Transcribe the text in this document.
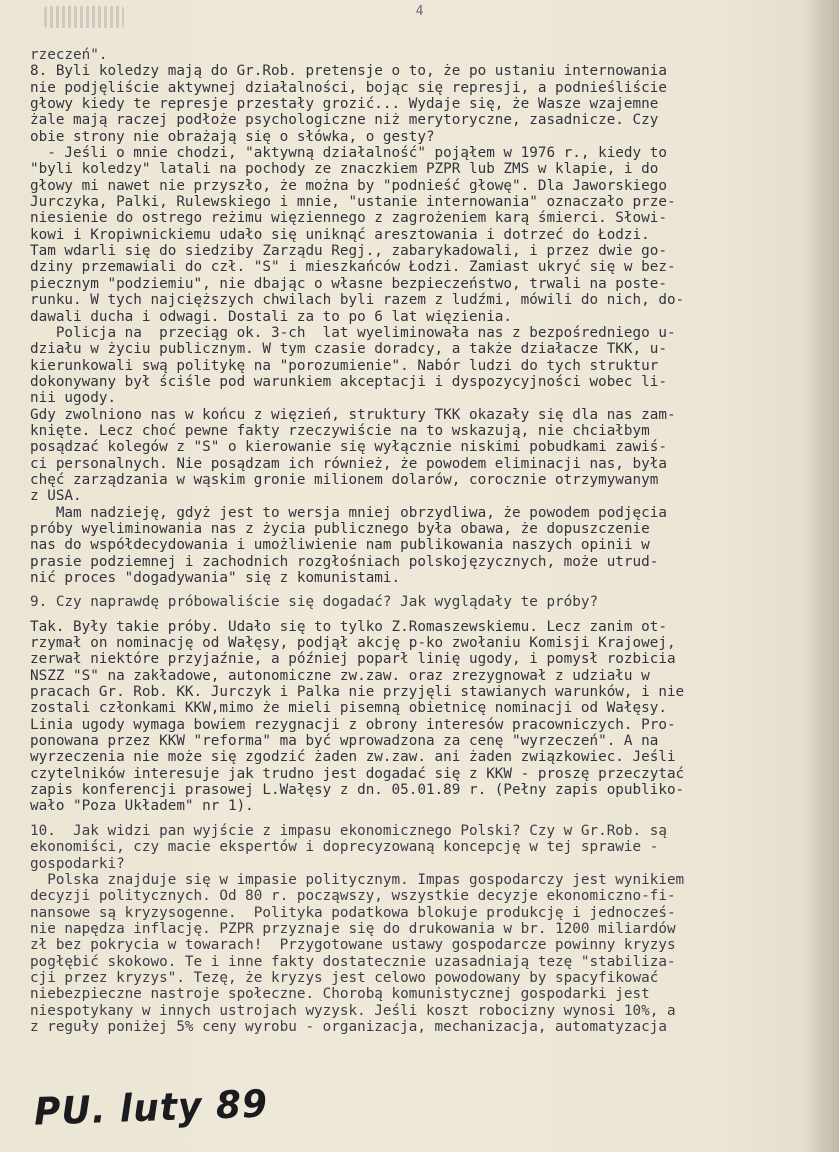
4
rzeczeń".
8. Byli koledzy mają do Gr.Rob. pretensje o to, że po ustaniu internowania
nie podjęliście aktywnej działalności, bojąc się represji, a podnieśliście
głowy kiedy te represje przestały grozić... Wydaje się, że Wasze wzajemne
żale mają raczej podłoże psychologiczne niż merytoryczne, zasadnicze. Czy
obie strony nie obrażają się o słówka, o gesty?
- Jeśli o mnie chodzi, "aktywną działalność" pojąłem w 1976 r., kiedy to
"byli koledzy" latali na pochody ze znaczkiem PZPR lub ZMS w klapie, i do
głowy mi nawet nie przyszło, że można by "podnieść głowę". Dla Jaworskiego
Jurczyka, Palki, Rulewskiego i mnie, "ustanie internowania" oznaczało prze-
niesienie do ostrego reżimu więziennego z zagrożeniem karą śmierci. Słowi-
kowi i Kropiwnickiemu udało się uniknąć aresztowania i dotrzeć do Łodzi.
Tam wdarli się do siedziby Zarządu Regj., zabarykadowali, i przez dwie go-
dziny przemawiali do czł. "S" i mieszkańców Łodzi. Zamiast ukryć się w bez-
piecznym "podziemiu", nie dbając o własne bezpieczeństwo, trwali na poste-
runku. W tych najcięższych chwilach byli razem z ludźmi, mówili do nich, do-
dawali ducha i odwagi. Dostali za to po 6 lat więzienia.
Policja na  przeciąg ok. 3-ch  lat wyeliminowała nas z bezpośredniego u-
działu w życiu publicznym. W tym czasie doradcy, a także działacze TKK, u-
kierunkowali swą politykę na "porozumienie". Nabór ludzi do tych struktur
dokonywany był ściśle pod warunkiem akceptacji i dyspozycyjności wobec li-
nii ugody.
Gdy zwolniono nas w końcu z więzień, struktury TKK okazały się dla nas zam-
knięte. Lecz choć pewne fakty rzeczywiście na to wskazują, nie chciałbym
posądzać kolegów z "S" o kierowanie się wyłącznie niskimi pobudkami zawiś-
ci personalnych. Nie posądzam ich również, że powodem eliminacji nas, była
chęć zarządzania w wąskim gronie milionem dolarów, corocznie otrzymywanym
z USA.
Mam nadzieję, gdyż jest to wersja mniej obrzydliwa, że powodem podjęcia
próby wyeliminowania nas z życia publicznego była obawa, że dopuszczenie
nas do współdecydowania i umożliwienie nam publikowania naszych opinii w
prasie podziemnej i zachodnich rozgłośniach polskojęzycznych, może utrud-
nić proces "dogadywania" się z komunistami.
9. Czy naprawdę próbowaliście się dogadać? Jak wyglądały te próby?
Tak. Były takie próby. Udało się to tylko Z.Romaszewskiemu. Lecz zanim ot-
rzymał on nominację od Wałęsy, podjął akcję p-ko zwołaniu Komisji Krajowej,
zerwał niektóre przyjaźnie, a później poparł linię ugody, i pomysł rozbicia
NSZZ "S" na zakładowe, autonomiczne zw.zaw. oraz zrezygnował z udziału w
pracach Gr. Rob. KK. Jurczyk i Palka nie przyjęli stawianych warunków, i nie
zostali członkami KKW,mimo że mieli pisemną obietnicę nominacji od Wałęsy.
Linia ugody wymaga bowiem rezygnacji z obrony interesów pracowniczych. Pro-
ponowana przez KKW "reforma" ma być wprowadzona za cenę "wyrzeczeń". A na
wyrzeczenia nie może się zgodzić żaden zw.zaw. ani żaden związkowiec. Jeśli
czytelników interesuje jak trudno jest dogadać się z KKW - proszę przeczytać
zapis konferencji prasowej L.Wałęsy z dn. 05.01.89 r. (Pełny zapis opubliko-
wało "Poza Układem" nr 1).
10.  Jak widzi pan wyjście z impasu ekonomicznego Polski? Czy w Gr.Rob. są
ekonomiści, czy macie ekspertów i doprecyzowaną koncepcję w tej sprawie -
gospodarki?
Polska znajduje się w impasie politycznym. Impas gospodarczy jest wynikiem
decyzji politycznych. Od 80 r. począwszy, wszystkie decyzje ekonomiczno-fi-
nansowe są kryzysogenne.  Polityka podatkowa blokuje produkcję i jednocześ-
nie napędza inflację. PZPR przyznaje się do drukowania w br. 1200 miliardów
zł bez pokrycia w towarach!  Przygotowane ustawy gospodarcze powinny kryzys
pogłębić skokowo. Te i inne fakty dostatecznie uzasadniają tezę "stabiliza-
cji przez kryzys". Tezę, że kryzys jest celowo powodowany by spacyfikować
niebezpieczne nastroje społeczne. Chorobą komunistycznej gospodarki jest
niespotykany w innych ustrojach wyzysk. Jeśli koszt robocizny wynosi 10%, a
z reguły poniżej 5% ceny wyrobu - organizacja, mechanizacja, automatyzacja
PU. luty 89
